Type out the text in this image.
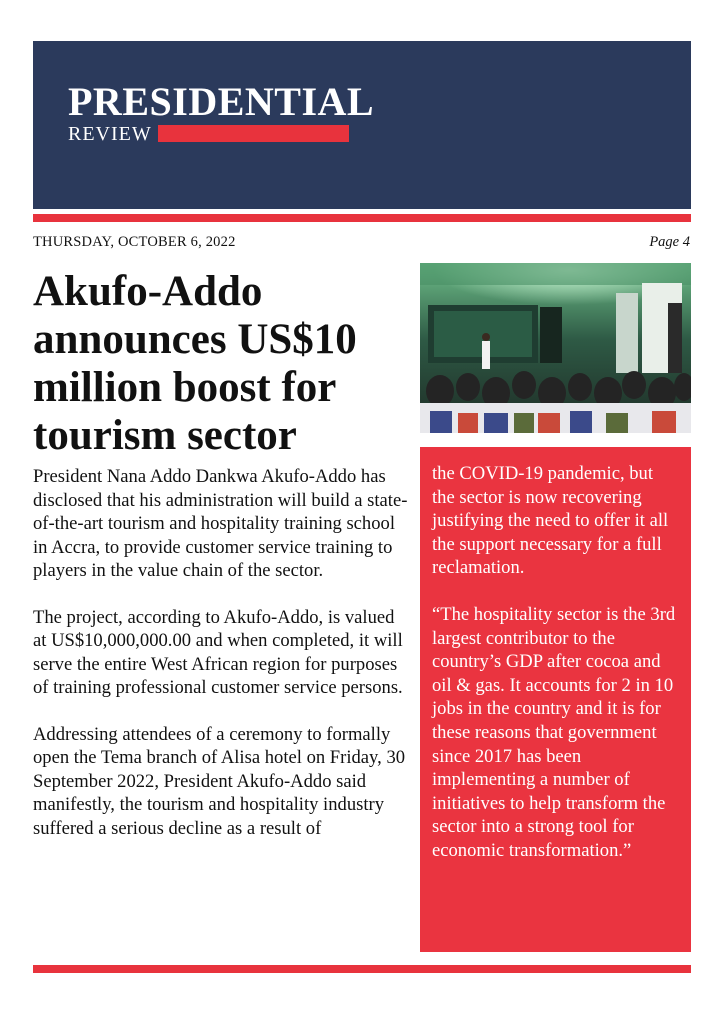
PRESIDENTIAL
REVIEW
THURSDAY, OCTOBER 6, 2022	Page 4
Akufo-Addo announces US$10 million boost for tourism sector

President Nana Addo Dankwa Akufo-Addo has disclosed that his administration will build a state-of-the-art tourism and hospitality training school in Accra, to provide customer service training to players in the value chain of the sector.

The project, according to Akufo-Addo, is valued at US$10,000,000.00 and when completed, it will serve the entire West African region for purposes of training professional customer service persons.

Addressing attendees of a ceremony to formally open the Tema branch of Alisa hotel on Friday, 30 September 2022, President Akufo-Addo said manifestly, the tourism and hospitality industry suffered a serious decline as a result of

the COVID-19 pandemic, but the sector is now recovering justifying the need to offer it all the support necessary for a full reclamation.

“The hospitality sector is the 3rd largest contributor to the country’s GDP after cocoa and oil & gas. It accounts for 2 in 10 jobs in the country and it is for these reasons that government since 2017 has been implementing a number of initiatives to help transform the sector into a strong tool for economic transformation.”
